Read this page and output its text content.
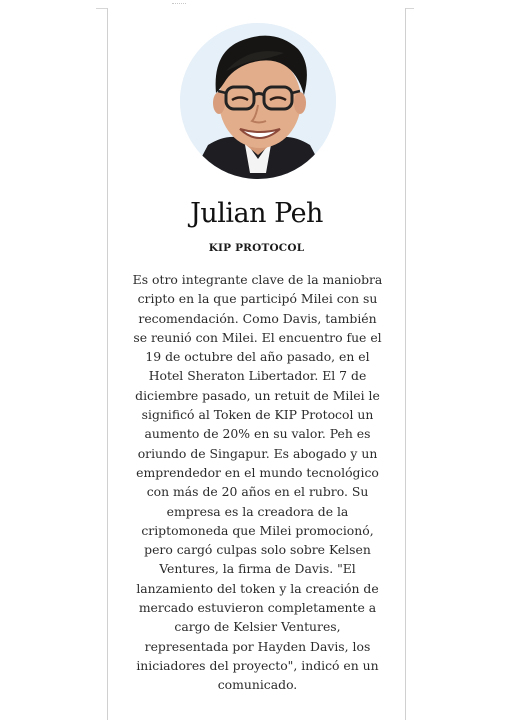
Julian Peh
KIP PROTOCOL

Es otro integrante clave de la maniobra
cripto en la que participó Milei con su
recomendación. Como Davis, también
se reunió con Milei. El encuentro fue el
19 de octubre del año pasado, en el
Hotel Sheraton Libertador. El 7 de
diciembre pasado, un retuit de Milei le
significó al Token de KIP Protocol un
aumento de 20% en su valor. Peh es
oriundo de Singapur. Es abogado y un
emprendedor en el mundo tecnológico
con más de 20 años en el rubro. Su
empresa es la creadora de la
criptomoneda que Milei promocionó,
pero cargó culpas solo sobre Kelsen
Ventures, la firma de Davis. "El
lanzamiento del token y la creación de
mercado estuvieron completamente a
cargo de Kelsier Ventures,
representada por Hayden Davis, los
iniciadores del proyecto", indicó en un
comunicado.
